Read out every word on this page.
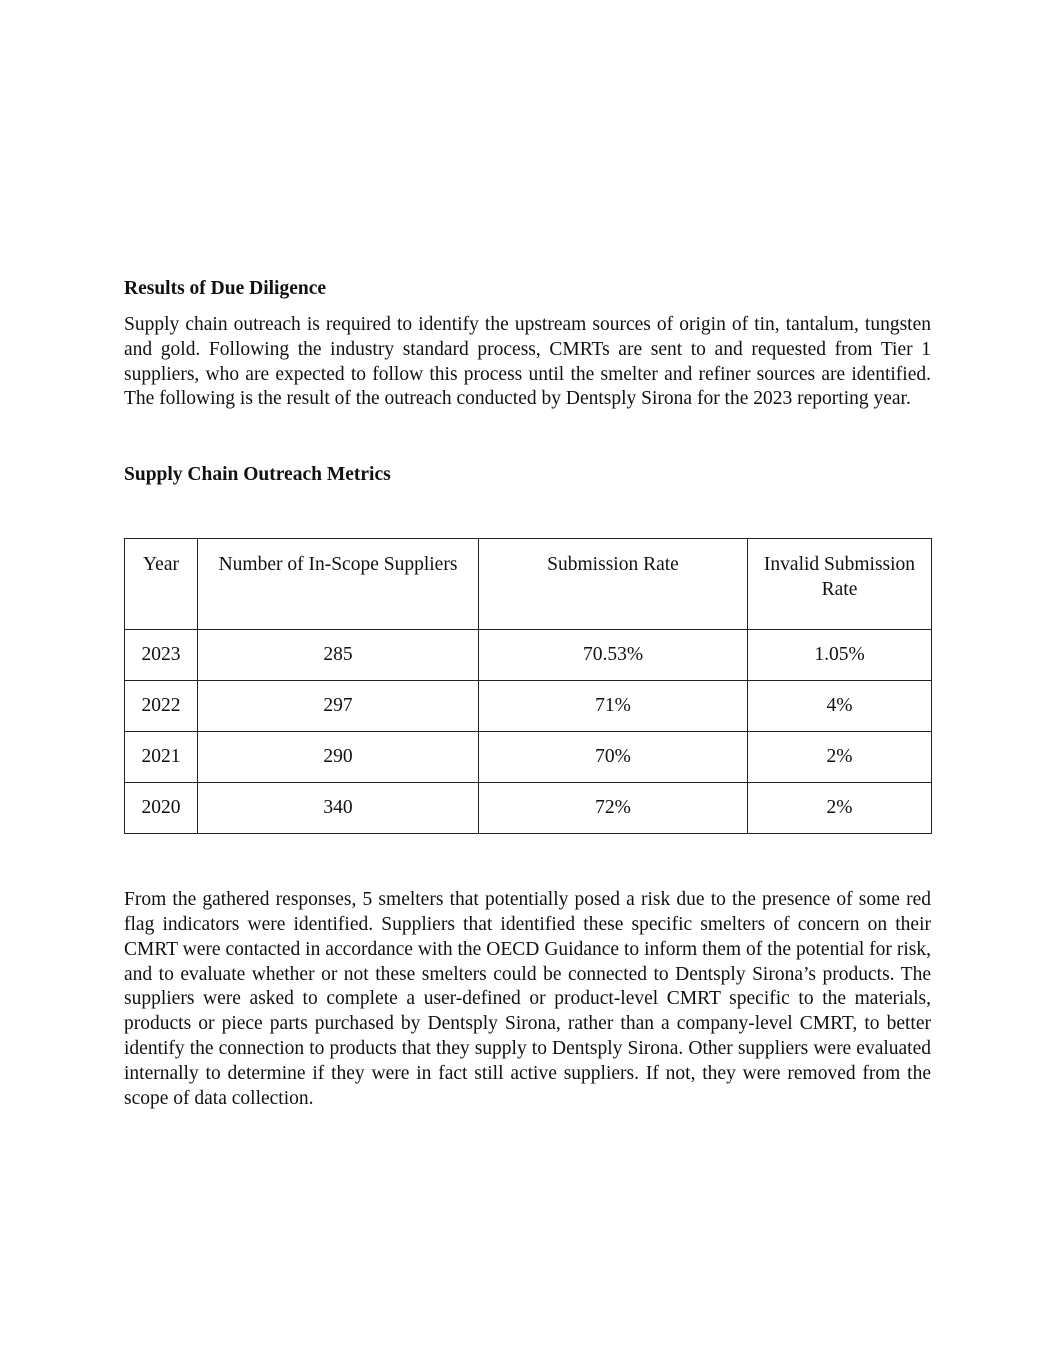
Results of Due Diligence

Supply chain outreach is required to identify the upstream sources of origin of tin, tantalum, tungsten and gold. Following the industry standard process, CMRTs are sent to and requested from Tier 1 suppliers, who are expected to follow this process until the smelter and refiner sources are identified. The following is the result of the outreach conducted by Dentsply Sirona for the 2023 reporting year.

Supply Chain Outreach Metrics
Year	Number of In-Scope Suppliers	Submission Rate	Invalid Submission Rate
2023	285	70.53%	1.05%
2022	297	71%	4%
2021	290	70%	2%
2020	340	72%	2%

From the gathered responses, 5 smelters that potentially posed a risk due to the presence of some red flag indicators were identified. Suppliers that identified these specific smelters of concern on their CMRT were contacted in accordance with the OECD Guidance to inform them of the potential for risk, and to evaluate whether or not these smelters could be connected to Dentsply Sirona’s products. The suppliers were asked to complete a user-defined or product-level CMRT specific to the materials, products or piece parts purchased by Dentsply Sirona, rather than a company-level CMRT, to better identify the connection to products that they supply to Dentsply Sirona. Other suppliers were evaluated internally to determine if they were in fact still active suppliers. If not, they were removed from the scope of data collection.
